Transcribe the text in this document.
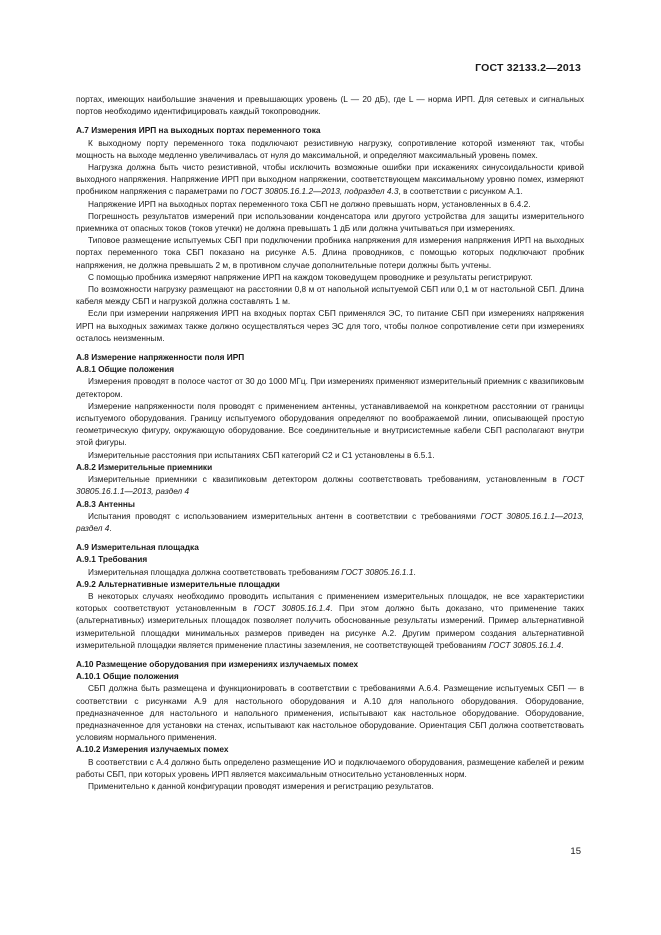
ГОСТ 32133.2—2013

портах, имеющих наибольшие значения и превышающих уровень (L — 20 дБ), где L — норма ИРП. Для сетевых и сигнальных портов необходимо идентифицировать каждый токопроводник.

А.7 Измерения ИРП на выходных портах переменного тока

К выходному порту переменного тока подключают резистивную нагрузку, сопротивление которой изменяют так, чтобы мощность на выходе медленно увеличивалась от нуля до максимальной, и определяют максимальный уровень помех.

Нагрузка должна быть чисто резистивной, чтобы исключить возможные ошибки при искажениях синусоидальности кривой выходного напряжения. Напряжение ИРП при выходном напряжении, соответствующем максимальному уровню помех, измеряют пробником напряжения с параметрами по ГОСТ 30805.16.1.2—2013, подраздел 4.3, в соответствии с рисунком А.1.

Напряжение ИРП на выходных портах переменного тока СБП не должно превышать норм, установленных в 6.4.2.

Погрешность результатов измерений при использовании конденсатора или другого устройства для защиты измерительного приемника от опасных токов (токов утечки) не должна превышать 1 дБ или должна учитываться при измерениях.

Типовое размещение испытуемых СБП при подключении пробника напряжения для измерения напряжения ИРП на выходных портах переменного тока СБП показано на рисунке А.5. Длина проводников, с помощью которых подключают пробник напряжения, не должна превышать 2 м, в противном случае дополнительные потери должны быть учтены.

С помощью пробника измеряют напряжение ИРП на каждом токоведущем проводнике и результаты регистрируют.

По возможности нагрузку размещают на расстоянии 0,8 м от напольной испытуемой СБП или 0,1 м от настольной СБП. Длина кабеля между СБП и нагрузкой должна составлять 1 м.

Если при измерении напряжения ИРП на входных портах СБП применялся ЭС, то питание СБП при измерениях напряжения ИРП на выходных зажимах также должно осуществляться через ЭС для того, чтобы полное сопротивление сети при измерениях осталось неизменным.

А.8 Измерение напряженности поля ИРП
А.8.1 Общие положения

Измерения проводят в полосе частот от 30 до 1000 МГц. При измерениях применяют измерительный приемник с квазипиковым детектором.

Измерение напряженности поля проводят с применением антенны, устанавливаемой на конкретном расстоянии от границы испытуемого оборудования. Границу испытуемого оборудования определяют по воображаемой линии, описывающей простую геометрическую фигуру, окружающую оборудование. Все соединительные и внутрисистемные кабели СБП располагают внутри этой фигуры.

Измерительные расстояния при испытаниях СБП категорий С2 и С1 установлены в 6.5.1.

А.8.2 Измерительные приемники

Измерительные приемники с квазипиковым детектором должны соответствовать требованиям, установленным в ГОСТ 30805.16.1.1—2013, раздел 4

А.8.3 Антенны

Испытания проводят с использованием измерительных антенн в соответствии с требованиями ГОСТ 30805.16.1.1—2013, раздел 4.

А.9 Измерительная площадка
А.9.1 Требования

Измерительная площадка должна соответствовать требованиям ГОСТ 30805.16.1.1.

А.9.2 Альтернативные измерительные площадки

В некоторых случаях необходимо проводить испытания с применением измерительных площадок, не все характеристики которых соответствуют установленным в ГОСТ 30805.16.1.4. При этом должно быть доказано, что применение таких (альтернативных) измерительных площадок позволяет получить обоснованные результаты измерений. Пример альтернативной измерительной площадки минимальных размеров приведен на рисунке А.2. Другим примером создания альтернативной измерительной площадки является применение пластины заземления, не соответствующей требованиям ГОСТ 30805.16.1.4.

А.10 Размещение оборудования при измерениях излучаемых помех
А.10.1 Общие положения

СБП должна быть размещена и функционировать в соответствии с требованиями А.6.4. Размещение испытуемых СБП — в соответствии с рисунками А.9 для настольного оборудования и А.10 для напольного оборудования. Оборудование, предназначенное для настольного и напольного применения, испытывают как настольное оборудование. Оборудование, предназначенное для установки на стенах, испытывают как настольное оборудование. Ориентация СБП должна соответствовать условиям нормального применения.

А.10.2 Измерения излучаемых помех

В соответствии с А.4 должно быть определено размещение ИО и подключаемого оборудования, размещение кабелей и режим работы СБП, при которых уровень ИРП является максимальным относительно установленных норм.

Применительно к данной конфигурации проводят измерения и регистрацию результатов.

15
